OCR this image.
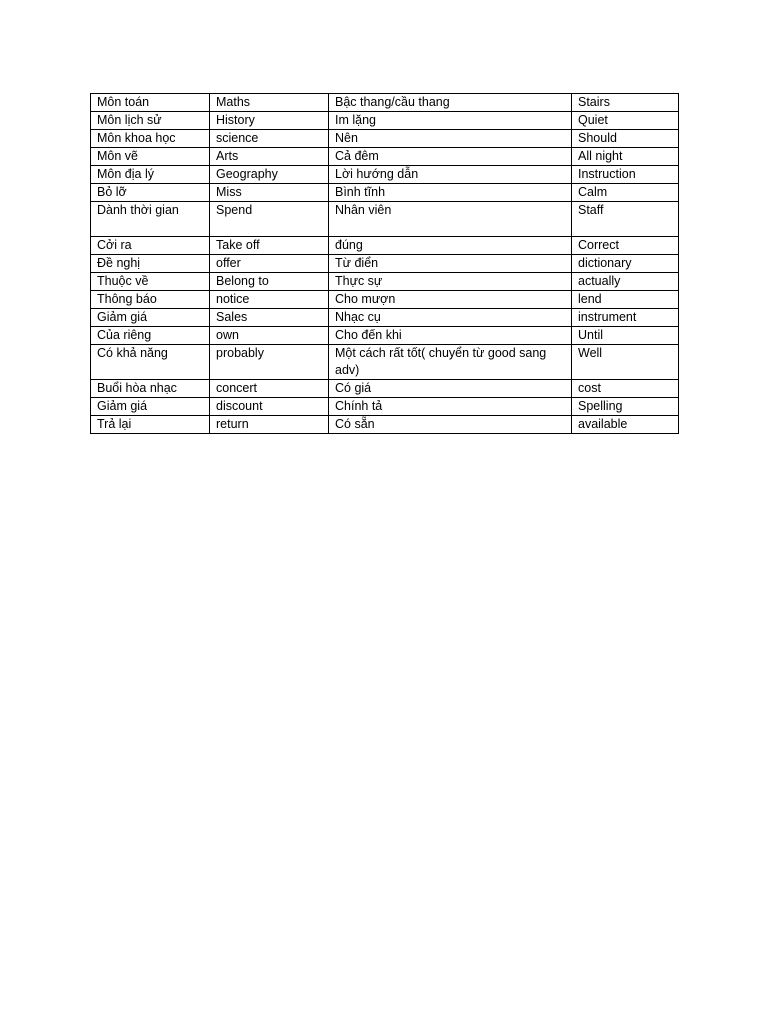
Môn toán	Maths	Bậc thang/cầu thang	Stairs
Môn lịch sử	History	Im lặng	Quiet
Môn khoa học	science	Nên	Should
Môn vẽ	Arts	Cả đêm	All night
Môn địa lý	Geography	Lời hướng dẫn	Instruction
Bỏ lỡ	Miss	Bình tĩnh	Calm
Dành thời gian	Spend	Nhân viên	Staff
Cởi ra	Take off	đúng	Correct
Đề nghị	offer	Từ điển	dictionary
Thuộc về	Belong to	Thực sự	actually
Thông báo	notice	Cho mượn	lend
Giảm giá	Sales	Nhạc cụ	instrument
Của riêng	own	Cho đến khi	Until
Có khả năng	probably	Một cách rất tốt( chuyển từ good sang adv)	Well
Buổi hòa nhạc	concert	Có giá	cost
Giảm giá	discount	Chính tả	Spelling
Trả lại	return	Có sẵn	available
